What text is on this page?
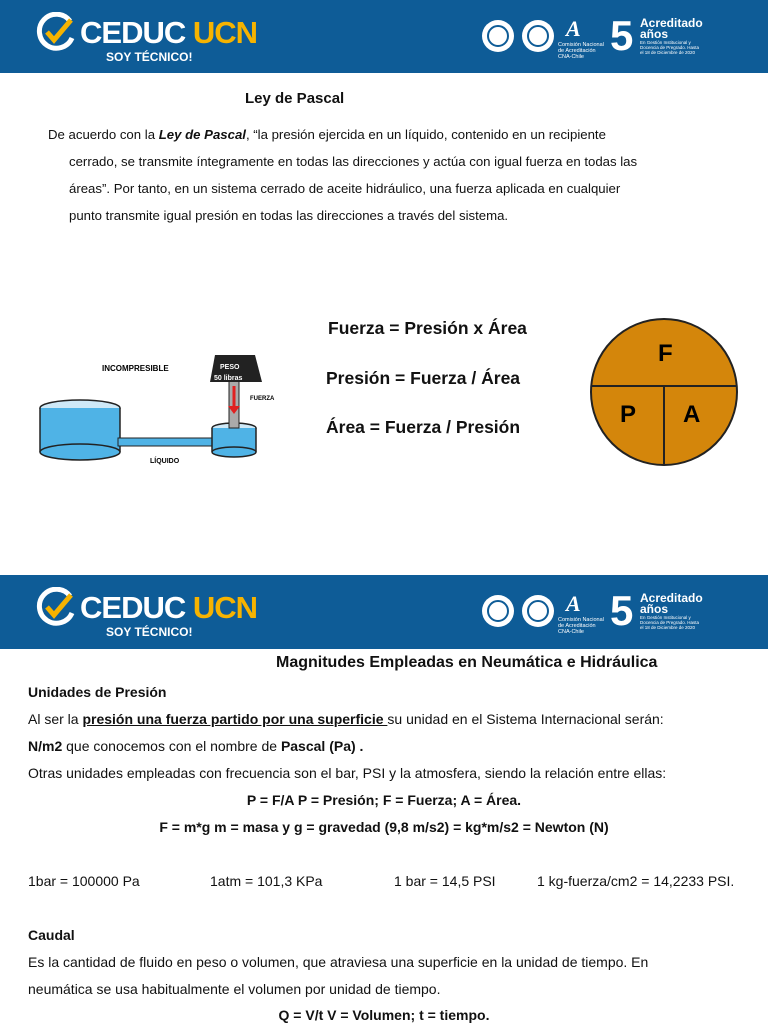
CEDUC UCN
SOY TÉCNICO!
A
Comisión Nacional de Acreditación CNA-Chile 5 Acreditado
años
En Gestión Institucional y Docencia de Pregrado. Hasta el 18 de Diciembre de 2020
Ley de Pascal
De acuerdo con la Ley de Pascal, “la presión ejercida en un líquido, contenido en un recipiente
cerrado, se transmite íntegramente en todas las direcciones y actúa con igual fuerza en todas las
áreas”. Por tanto, en un sistema cerrado de aceite hidráulico, una fuerza aplicada en cualquier
punto transmite igual presión en todas las direcciones a través del sistema.
INCOMPRESIBLE	PESO
50 libras
FUERZA
LÍQUIDO
Fuerza = Presión x Área
Presión = Fuerza / Área
Área = Fuerza / Presión
F
P A
CEDUC UCN
SOY TÉCNICO!
A
Comisión Nacional de Acreditación CNA-Chile 5 Acreditado
años
En Gestión Institucional y Docencia de Pregrado. Hasta el 18 de Diciembre de 2020
Magnitudes Empleadas en Neumática e Hidráulica
Unidades de Presión
Al ser la presión una fuerza partido por una superficie su unidad en el Sistema Internacional serán:
N/m2 que conocemos con el nombre de Pascal (Pa) .
Otras unidades empleadas con frecuencia son el bar, PSI y la atmosfera, siendo la relación entre ellas:
P = F/A P = Presión; F = Fuerza; A = Área.
F = m*g m = masa y g = gravedad (9,8 m/s2) = kg*m/s2 = Newton (N)
1bar = 100000 Pa	1atm = 101,3 KPa	1 bar = 14,5 PSI	1 kg-fuerza/cm2 = 14,2233 PSI.
Caudal
Es la cantidad de fluido en peso o volumen, que atraviesa una superficie en la unidad de tiempo. En
neumática se usa habitualmente el volumen por unidad de tiempo.
Q = V/t V = Volumen; t = tiempo.
